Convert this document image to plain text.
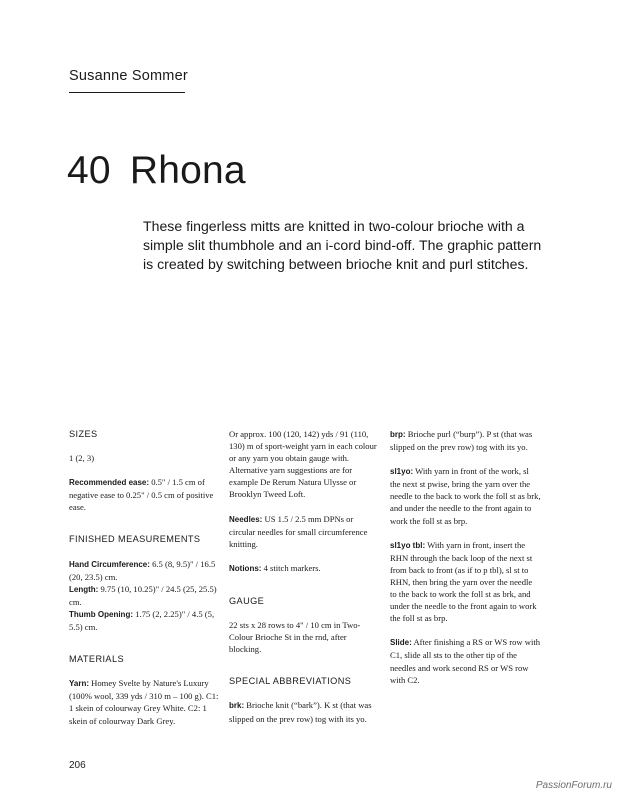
Susanne Sommer
40 Rhona

These fingerless mitts are knitted in two-colour brioche with a simple slit thumbhole and an i-cord bind-off. The graphic pattern is created by switching between brioche knit and purl stitches.

SIZES

1 (2, 3)

Recommended ease: 0.5" / 1.5 cm of negative ease to 0.25" / 0.5 cm of positive ease.

FINISHED MEASUREMENTS
Hand Circumference: 6.5 (8, 9.5)" / 16.5 (20, 23.5) cm.
Length: 9.75 (10, 10.25)" / 24.5 (25, 25.5) cm.

Thumb Opening: 1.75 (2, 2.25)" / 4.5 (5, 5.5) cm.

MATERIALS

Yarn: Homey Svelte by Nature's Luxury (100% wool, 339 yds / 310 m – 100 g). C1: 1 skein of colourway Grey White. C2: 1 skein of colourway Dark Grey.

Or approx. 100 (120, 142) yds / 91 (110, 130) m of sport-weight yarn in each colour or any yarn you obtain gauge with. Alternative yarn suggestions are for example De Rerum Natura Ulysse or Brooklyn Tweed Loft.

Needles: US 1.5 / 2.5 mm DPNs or circular needles for small circumference knitting.

Notions: 4 stitch markers.

GAUGE

22 sts x 28 rows to 4" / 10 cm in Two-Colour Brioche St in the rnd, after blocking.

SPECIAL ABBREVIATIONS

brk: Brioche knit (“bark”). K st (that was slipped on the prev row) tog with its yo.

brp: Brioche purl (“burp”). P st (that was slipped on the prev row) tog with its yo.

sl1yo: With yarn in front of the work, sl the next st pwise, bring the yarn over the needle to the back to work the foll st as brk, and under the needle to the front again to work the foll st as brp.

sl1yo tbl: With yarn in front, insert the RHN through the back loop of the next st from back to front (as if to p tbl), sl st to RHN, then bring the yarn over the needle to the back to work the foll st as brk, and under the needle to the front again to work the foll st as brp.

Slide: After finishing a RS or WS row with C1, slide all sts to the other tip of the needles and work second RS or WS row with C2.

206
PassionForum.ru
